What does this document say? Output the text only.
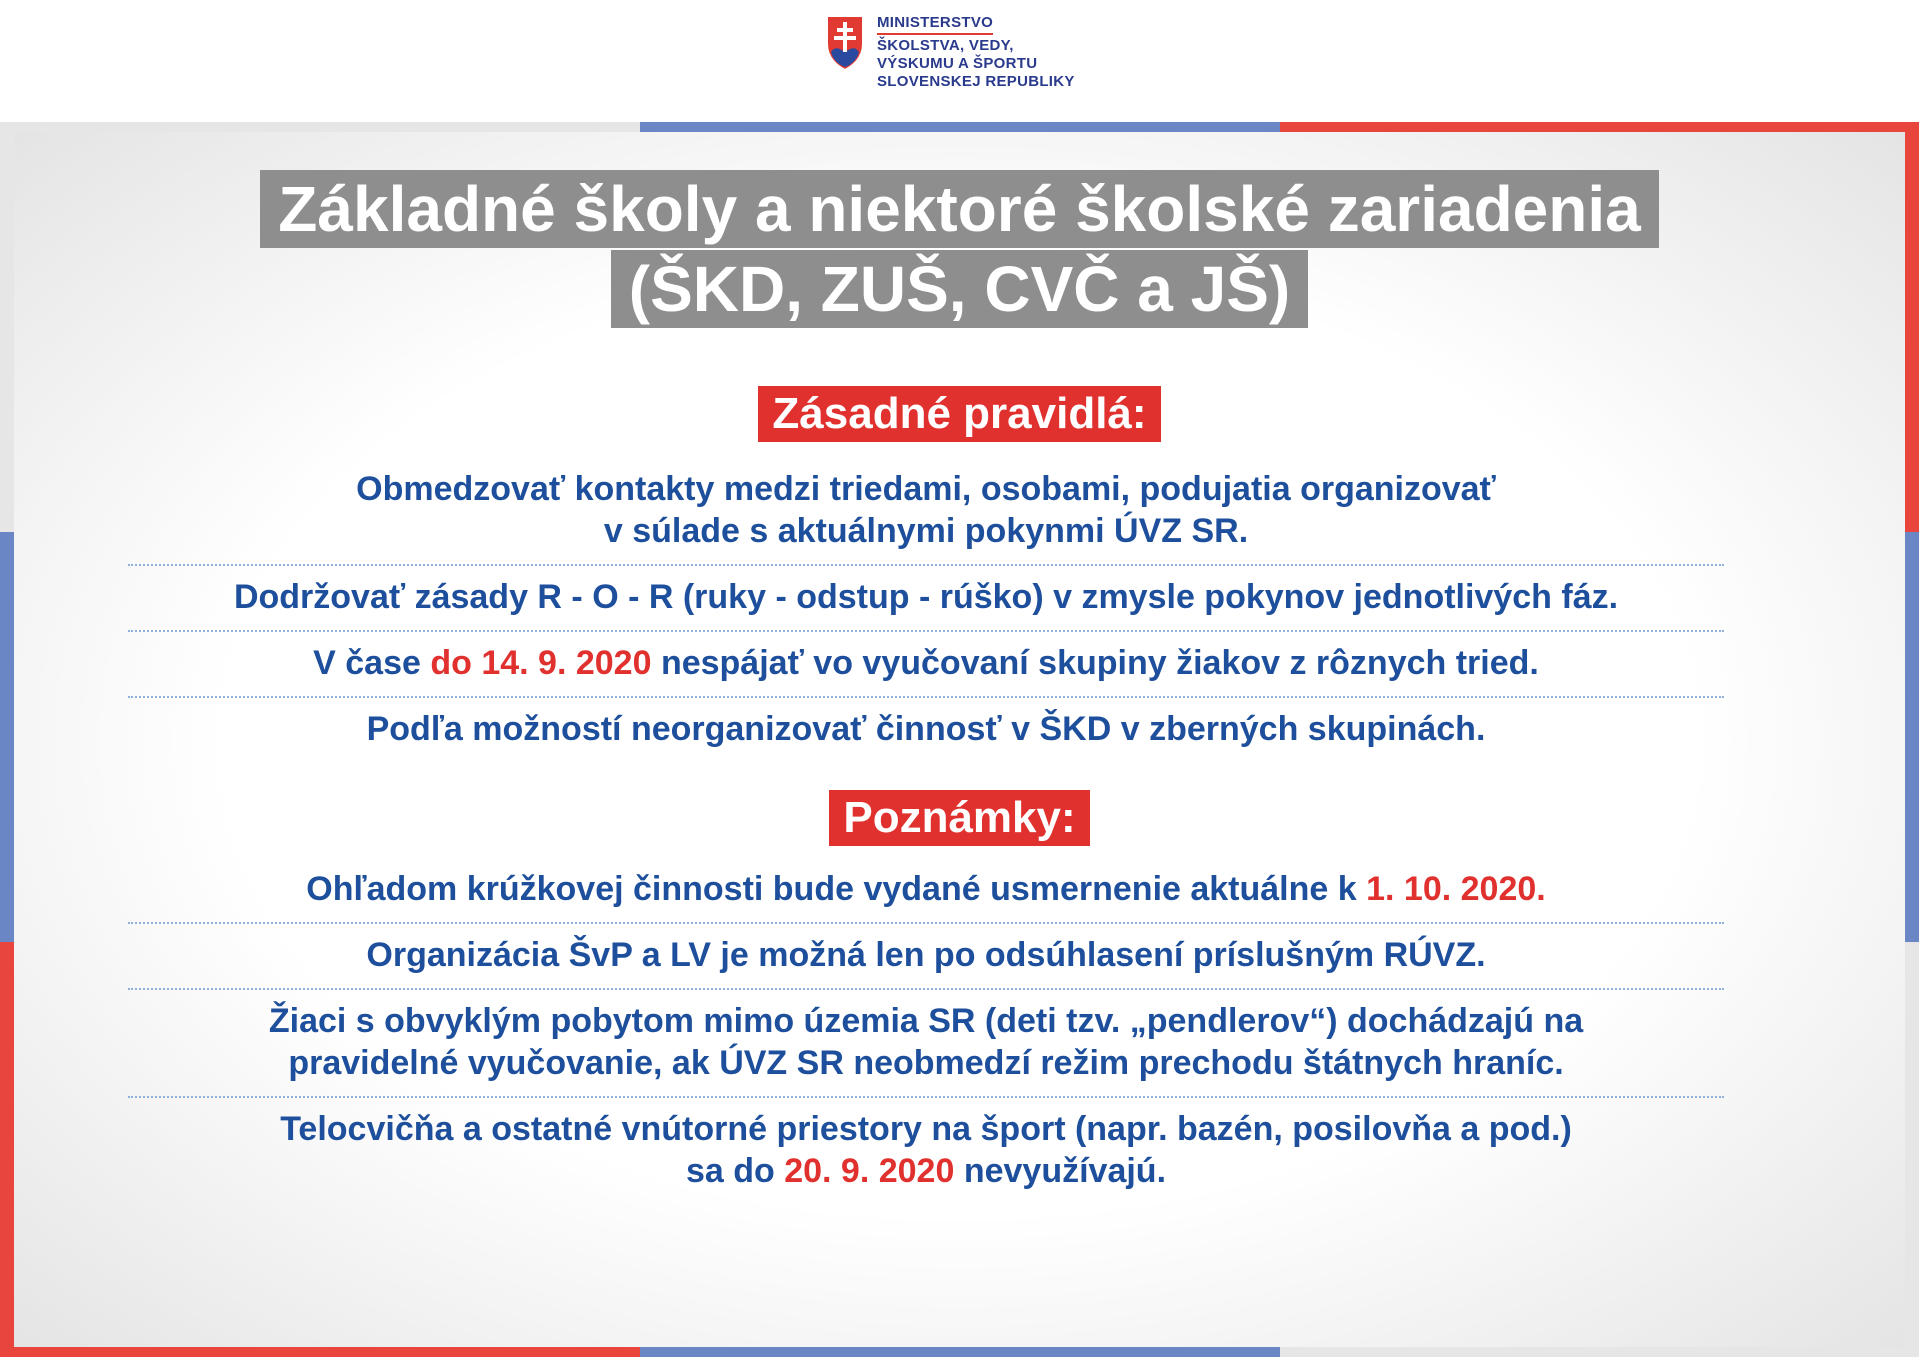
MINISTERSTVO
ŠKOLSTVA, VEDY,
VÝSKUMU A ŠPORTU
SLOVENSKEJ REPUBLIKY
Základné školy a niektoré školské zariadenia
(ŠKD, ZUŠ, CVČ a JŠ)
Zásadné pravidlá:
Obmedzovať kontakty medzi triedami, osobami, podujatia organizovať
v súlade s aktuálnymi pokynmi ÚVZ SR.
Dodržovať zásady R - O - R (ruky - odstup - rúško) v zmysle pokynov jednotlivých fáz.
V čase do 14. 9. 2020 nespájať vo vyučovaní skupiny žiakov z rôznych tried.
Podľa možností neorganizovať činnosť v ŠKD v zberných skupinách.
Poznámky:
Ohľadom krúžkovej činnosti bude vydané usmernenie aktuálne k 1. 10. 2020.
Organizácia ŠvP a LV je možná len po odsúhlasení príslušným RÚVZ.
Žiaci s obvyklým pobytom mimo územia SR (deti tzv. „pendlerov“) dochádzajú na
pravidelné vyučovanie, ak ÚVZ SR neobmedzí režim prechodu štátnych hraníc.
Telocvičňa a ostatné vnútorné priestory na šport (napr. bazén, posilovňa a pod.)
sa do 20. 9. 2020 nevyužívajú.
